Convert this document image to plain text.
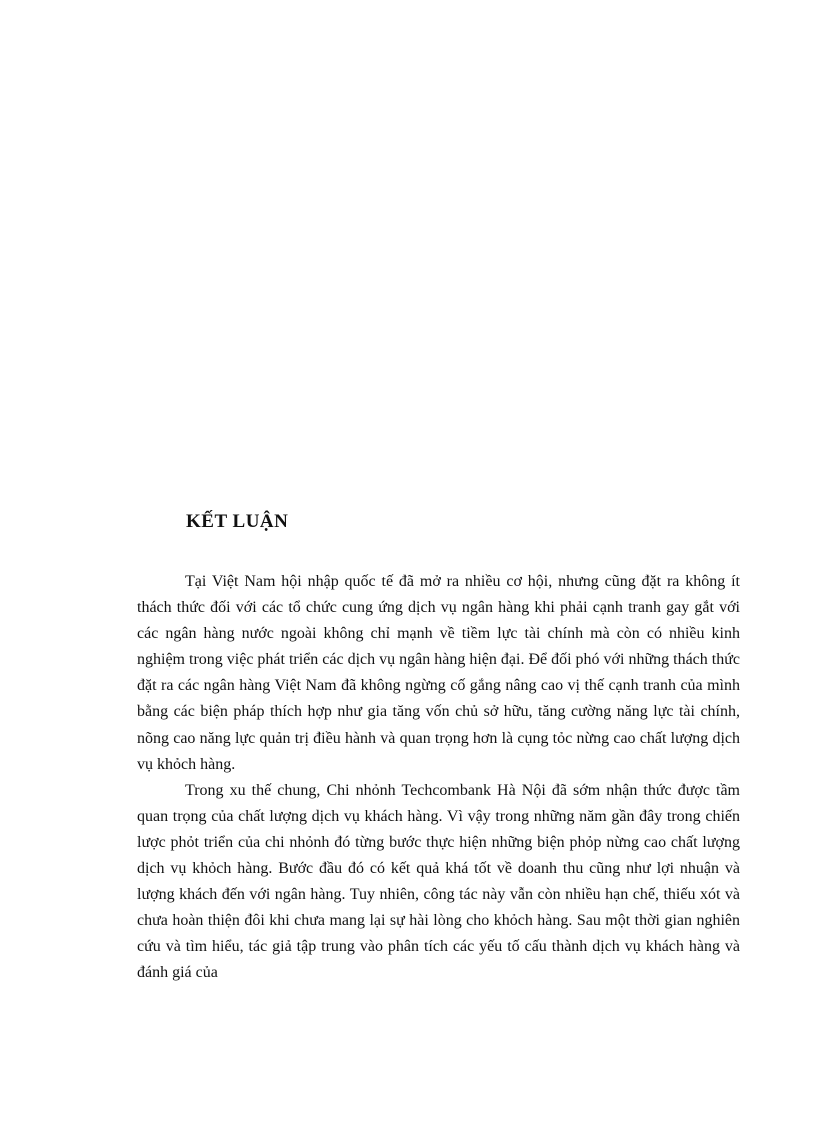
KẾT LUẬN

Tại Việt Nam hội nhập quốc tế đã mở ra nhiều cơ hội, nhưng cũng đặt ra không ít thách thức đối với các tổ chức cung ứng dịch vụ ngân hàng khi phải cạnh tranh gay gắt với các ngân hàng nước ngoài không chỉ mạnh về tiềm lực tài chính mà còn có nhiều kinh nghiệm trong việc phát triển các dịch vụ ngân hàng hiện đại. Để đối phó với những thách thức đặt ra các ngân hàng Việt Nam đã không ngừng cố gắng nâng cao vị thế cạnh tranh của mình bằng các biện pháp thích hợp như gia tăng vốn chủ sở hữu, tăng cường năng lực tài chính, nõng cao năng lực quản trị điều hành và quan trọng hơn là cụng tỏc nừng cao chất lượng dịch vụ khỏch hàng.

Trong xu thế chung, Chi nhỏnh Techcombank Hà Nội đã sớm nhận thức được tầm quan trọng của chất lượng dịch vụ khách hàng. Vì vậy trong những năm gần đây trong chiến lược phỏt triển của chi nhỏnh đó từng bước thực hiện những biện phỏp nừng cao chất lượng dịch vụ khỏch hàng. Bước đầu đó có kết quả khá tốt về doanh thu cũng như lợi nhuận và lượng khách đến với ngân hàng. Tuy nhiên, công tác này vẫn còn nhiều hạn chế, thiếu xót và chưa hoàn thiện đôi khi chưa mang lại sự hài lòng cho khỏch hàng. Sau một thời gian nghiên cứu và tìm hiểu, tác giả tập trung vào phân tích các yếu tố cấu thành dịch vụ khách hàng và đánh giá của
